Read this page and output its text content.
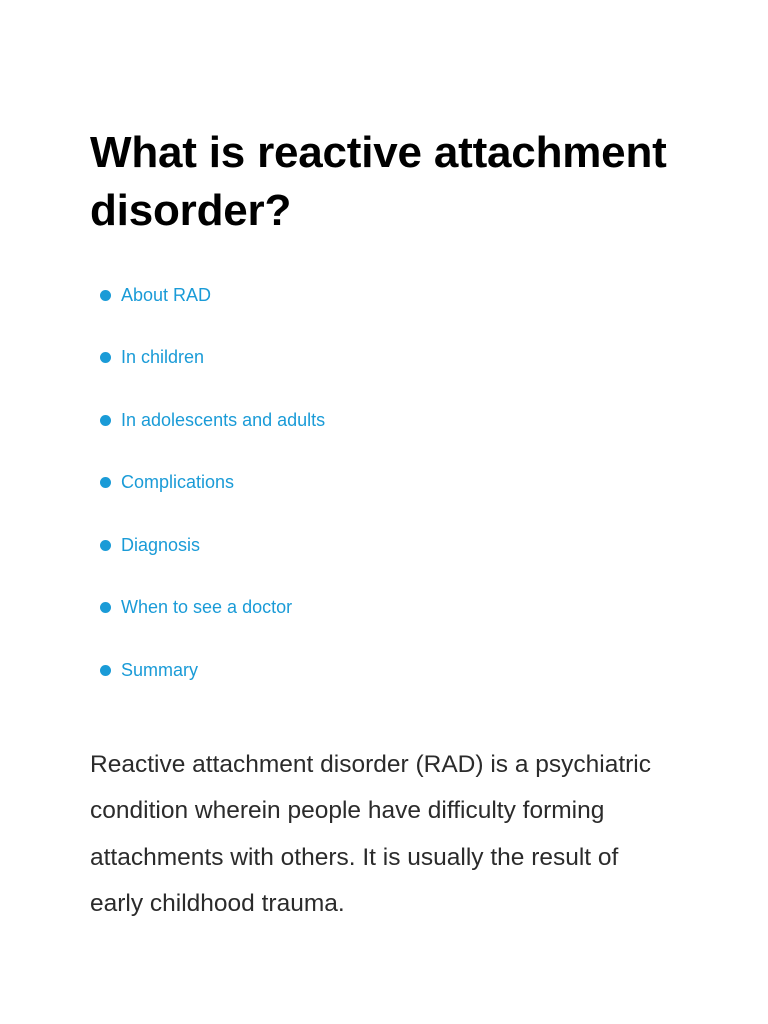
What is reactive attachment disorder?
About RAD
In children
In adolescents and adults
Complications
Diagnosis
When to see a doctor
Summary

Reactive attachment disorder (RAD) is a psychiatric condition wherein people have difficulty forming attachments with others. It is usually the result of early childhood trauma.
